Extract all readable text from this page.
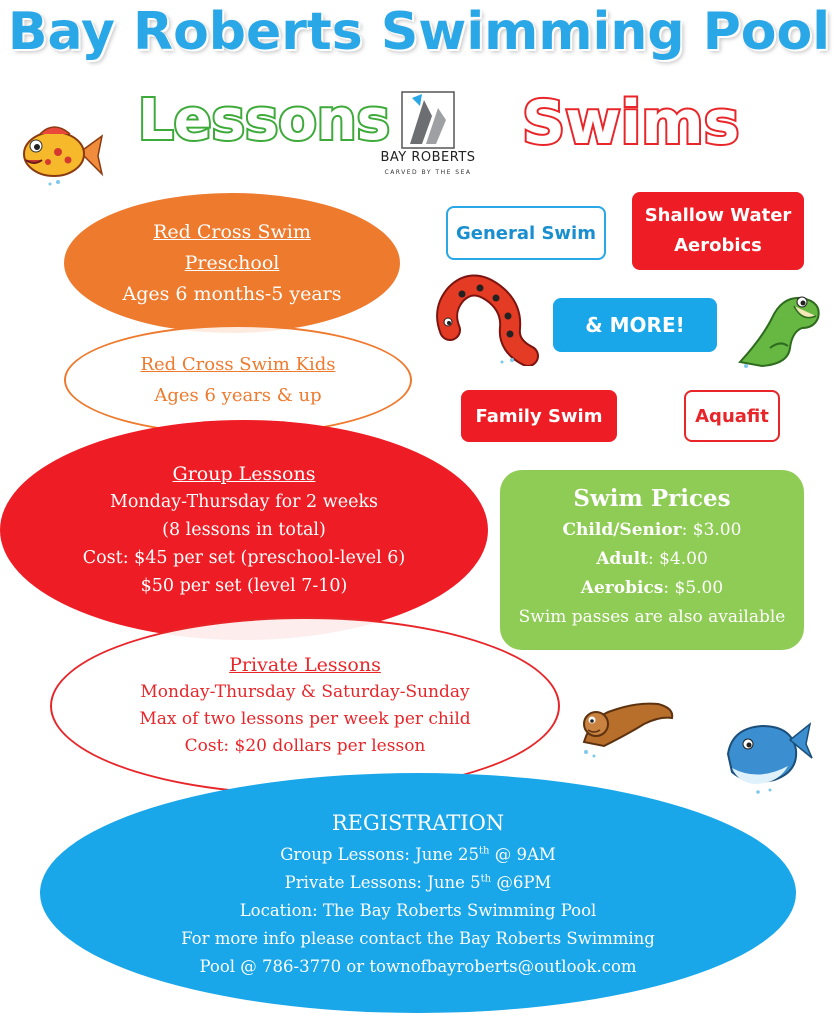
Bay Roberts Swimming Pool
Lessons
BAY ROBERTS
CARVED BY THE SEA
Swims
Red Cross Swim
Preschool
Ages 6 months-5 years
Red Cross Swim Kids
Ages 6 years & up
Group Lessons
Monday-Thursday for 2 weeks
(8 lessons in total)
Cost: $45 per set (preschool-level 6)
$50 per set (level 7-10)
Private Lessons
Monday-Thursday & Saturday-Sunday
Max of two lessons per week per child
Cost: $20 dollars per lesson
General Swim
Shallow Water
Aerobics
& MORE!
Family Swim	Aquafit
Swim Prices
Child/Senior: $3.00
Adult: $4.00
Aerobics: $5.00
Swim passes are also available
REGISTRATION
Group Lessons: June 25th @ 9AM
Private Lessons: June 5th @6PM
Location: The Bay Roberts Swimming Pool
For more info please contact the Bay Roberts Swimming
Pool @ 786-3770 or townofbayroberts@outlook.com
